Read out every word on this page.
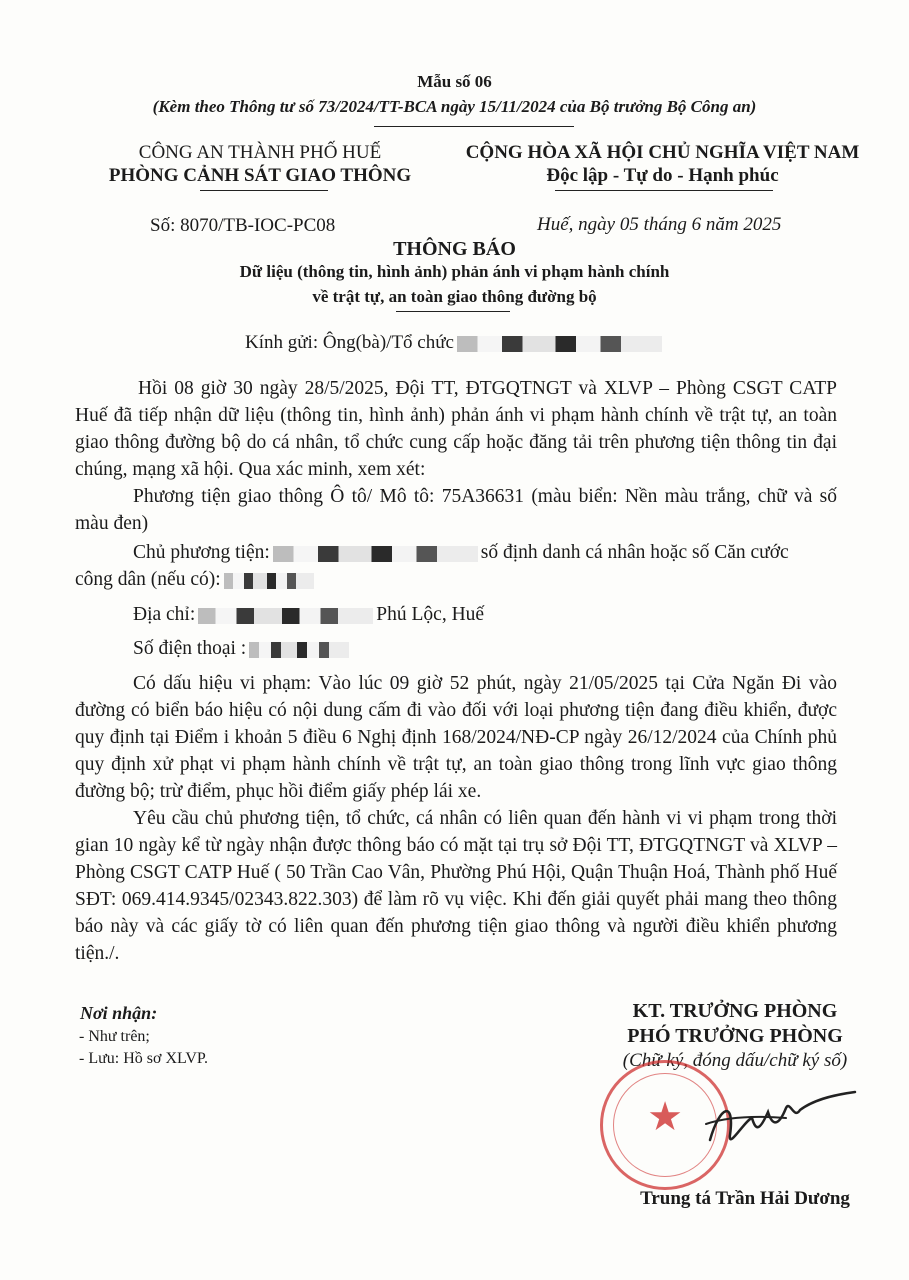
Mẫu số 06
(Kèm theo Thông tư số 73/2024/TT-BCA ngày 15/11/2024 của Bộ trưởng Bộ Công an)
CÔNG AN THÀNH PHỐ HUẾ
PHÒNG CẢNH SÁT GIAO THÔNG
CỘNG HÒA XÃ HỘI CHỦ NGHĨA VIỆT NAM
Độc lập - Tự do - Hạnh phúc
Số: 8070/TB-IOC-PC08	Huế, ngày 05 tháng 6 năm 2025
THÔNG BÁO
Dữ liệu (thông tin, hình ảnh) phản ánh vi phạm hành chính
về trật tự, an toàn giao thông đường bộ
Kính gửi: Ông(bà)/Tổ chức
Hồi 08 giờ 30 ngày 28/5/2025, Đội TT, ĐTGQTNGT và XLVP – Phòng CSGT CATP Huế đã tiếp nhận dữ liệu (thông tin, hình ảnh) phản ánh vi phạm hành chính về trật tự, an toàn giao thông đường bộ do cá nhân, tổ chức cung cấp hoặc đăng tải trên phương tiện thông tin đại chúng, mạng xã hội. Qua xác minh, xem xét:
Phương tiện giao thông Ô tô/ Mô tô: 75A36631 (màu biển: Nền màu trắng, chữ và số màu đen)

Chủ phương tiện:	số định danh cá nhân hoặc số Căn cước

công dân (nếu có):

Địa chỉ:	Phú Lộc, Huế

Số điện thoại :

Có dấu hiệu vi phạm: Vào lúc 09 giờ 52 phút, ngày 21/05/2025 tại Cửa Ngăn Đi vào đường có biển báo hiệu có nội dung cấm đi vào đối với loại phương tiện đang điều khiển, được quy định tại Điểm i khoản 5 điều 6 Nghị định 168/2024/NĐ-CP ngày 26/12/2024 của Chính phủ quy định xử phạt vi phạm hành chính về trật tự, an toàn giao thông trong lĩnh vực giao thông đường bộ; trừ điểm, phục hồi điểm giấy phép lái xe.
Yêu cầu chủ phương tiện, tổ chức, cá nhân có liên quan đến hành vi vi phạm trong thời gian 10 ngày kể từ ngày nhận được thông báo có mặt tại trụ sở Đội TT, ĐTGQTNGT và XLVP – Phòng CSGT CATP Huế ( 50 Trần Cao Vân, Phường Phú Hội, Quận Thuận Hoá, Thành phố Huế SĐT: 069.414.9345/02343.822.303) để làm rõ vụ việc. Khi đến giải quyết phải mang theo thông báo này và các giấy tờ có liên quan đến phương tiện giao thông và người điều khiển phương tiện./.
Nơi nhận:
- Như trên;
- Lưu: Hồ sơ XLVP.
KT. TRƯỞNG PHÒNG
PHÓ TRƯỞNG PHÒNG
(Chữ ký, đóng dấu/chữ ký số)
★
Trung tá Trần Hải Dương
